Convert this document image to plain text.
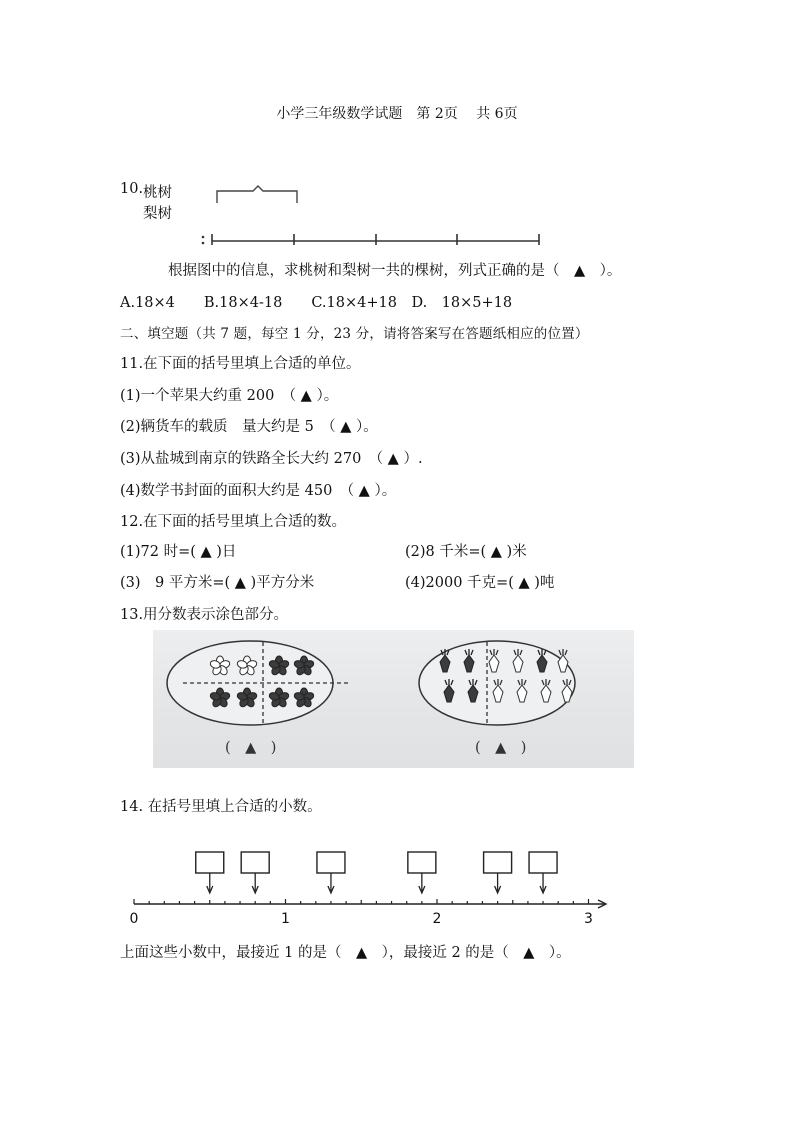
小学三年级数学试题　第 2页　 共 6页
10. 桃树
梨树
根据图中的信息，求桃树和梨树一共的棵树，列式正确的是（　▲　）。
A.18×4　　B.18×4-18　　C.18×4+18　D.　18×5+18
二、填空题（共 7 题，每空 1 分，23 分，请将答案写在答题纸相应的位置）
11.在下面的括号里填上合适的单位。
(1)一个苹果大约重 200　（ ▲ ）。
(2)辆货车的载质　量大约是 5　（ ▲ ）。
(3)从盐城到南京的铁路全长大约 270　（ ▲ ）.
(4)数学书封面的面积大约是 450　（ ▲ ）。
12.在下面的括号里填上合适的数。
(1)72 时=( ▲ )日	(2)8 千米=( ▲ )米
(3)　9 平方米=( ▲ )平方分米	(4)2000 千克=( ▲ )吨
13.用分数表示涂色部分。
(　▲　)	(　▲　)
14. 在括号里填上合适的小数。
0	1	2	3
上面这些小数中，最接近 1 的是（　▲　），最接近 2 的是（　▲　）。
